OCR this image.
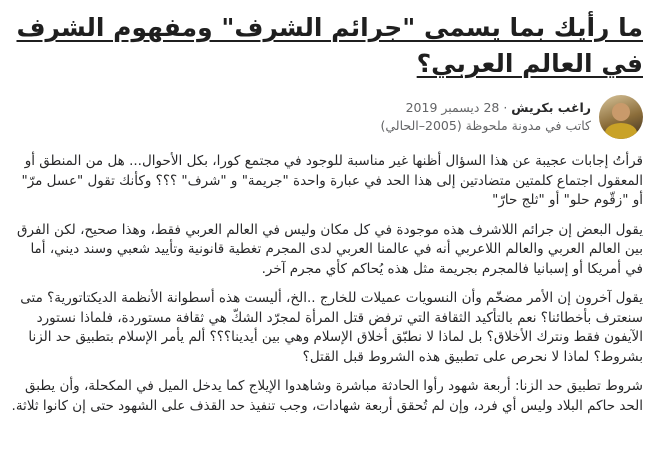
ما رأيك بما يسمى "جرائم الشرف" ومفهوم الشرف في العالم العربي؟
راغب بكريش · 28 ديسمبر 2019
كاتب في مدونة ملحوظة (2005–الحالي)

قرأتُ إجابات عجيبة عن هذا السؤال أظنها غير مناسبة للوجود في مجتمع كورا، بكل الأحوال... هل من المنطق أو المعقول اجتماع كلمتين متضادتين إلى هذا الحد في عبارة واحدة "جريمة" و "شرف" ؟؟؟ وكأنك تقول "عسل مرّ" أو "زقّوم حلو" أو "ثلج حارّ"

يقول البعض إن جرائم اللاشرف هذه موجودة في كل مكان وليس في العالم العربي فقط، وهذا صحيح، لكن الفرق بين العالم العربي والعالم اللاعربي أنه في عالمنا العربي لدى المجرم تغطية قانونية وتأييد شعبي وسند ديني، أما في أمريكا أو إسبانيا فالمجرم بجريمة مثل هذه يُحاكم كأي مجرم آخر.

يقول آخرون إن الأمر مضخّم وأن النسويات عميلات للخارج ..الخ، أليست هذه أسطوانة الأنظمة الديكتاتورية؟ متى سنعترف بأخطائنا؟ نعم بالتأكيد الثقافة التي ترفض قتل المرأة لمجرّد الشكّ هي ثقافة مستوردة، فلماذا نستورد الآيفون فقط ونترك الأخلاق؟ بل لماذا لا نطبّق أخلاق الإسلام وهي بين أيدينا؟؟؟ ألم يأمر الإسلام بتطبيق حد الزنا بشروط؟ لماذا لا نحرص على تطبيق هذه الشروط قبل القتل؟

شروط تطبيق حد الزنا: أربعة شهود رأوا الحادثة مباشرة وشاهدوا الإيلاج كما يدخل الميل في المكحلة، وأن يطبق الحد حاكم البلاد وليس أي فرد، وإن لم تُحقق أربعة شهادات، وجب تنفيذ حد القذف على الشهود حتى إن كانوا ثلاثة.
